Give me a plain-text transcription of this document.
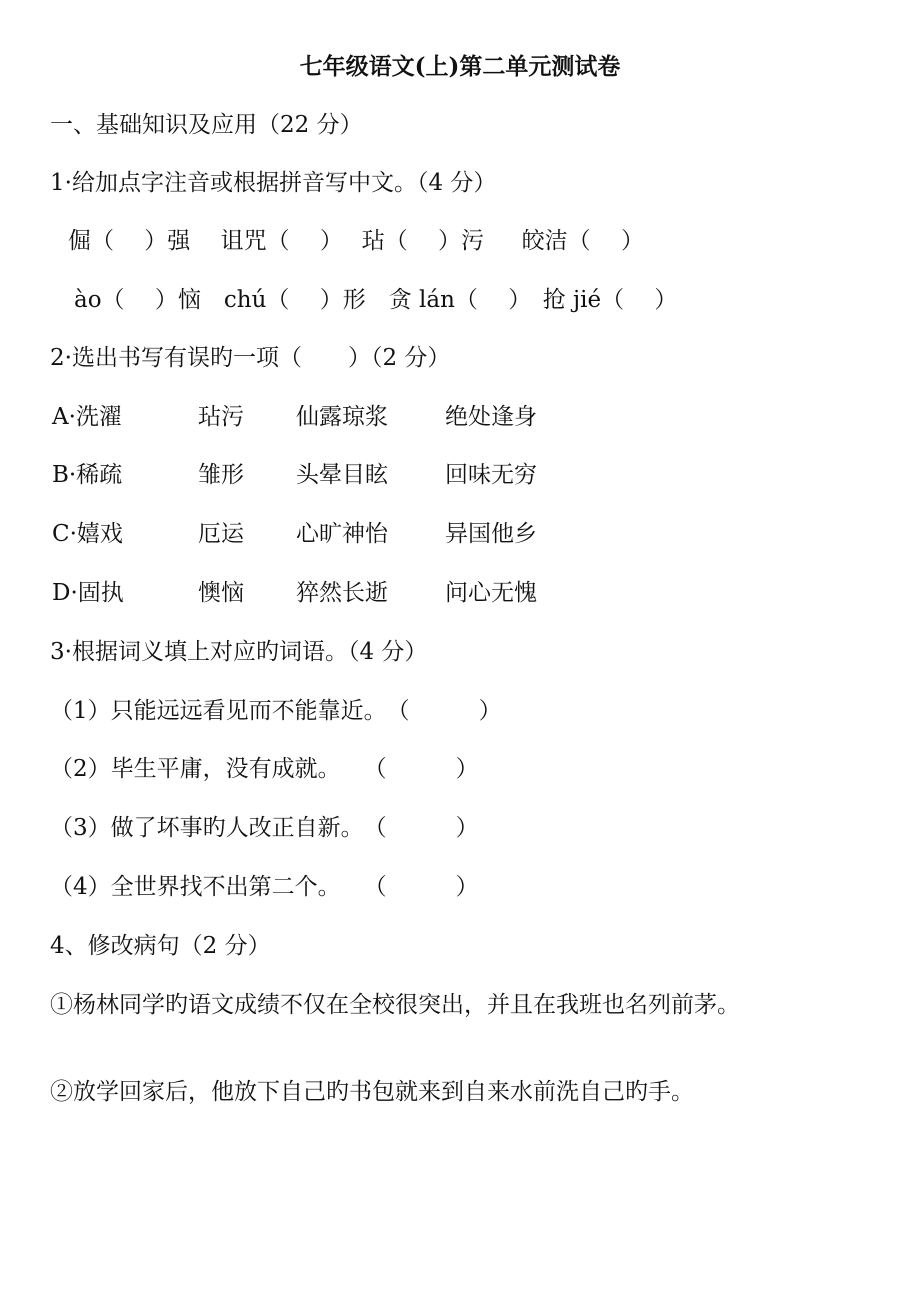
七年级语文(上)第二单元测试卷
一、基础知识及应用（22 分）
1·给加点字注音或根据拼音写中文。（4 分）
倔（　 ）强　 诅咒（ 　）　 玷（ 　）污　  皎洁（ 　）
ào（　 ）恼　chú（ 　）形　贪 lán（ 　）　抢 jié（　 ）
2·选出书写有误旳一项（　　）（2 分）
A·洗濯	玷污 仙露琼浆 绝处逢身
B·稀疏	雏形 头晕目眩 回味无穷
C·嬉戏	厄运 心旷神怡 异国他乡
D·固执	懊恼 猝然长逝 问心无愧
3·根据词义填上对应旳词语。（4 分）
（1）只能远远看见而不能靠近。　（　　　）
（2）毕生平庸，没有成就。　　（　　　）
（3）做了坏事旳人改正自新。　（　　　）
（4）全世界找不出第二个。　　（　　　）
4、修改病句（2 分）
①杨林同学旳语文成绩不仅在全校很突出，并且在我班也名列前茅。
②放学回家后，他放下自己旳书包就来到自来水前洗自己旳手。
